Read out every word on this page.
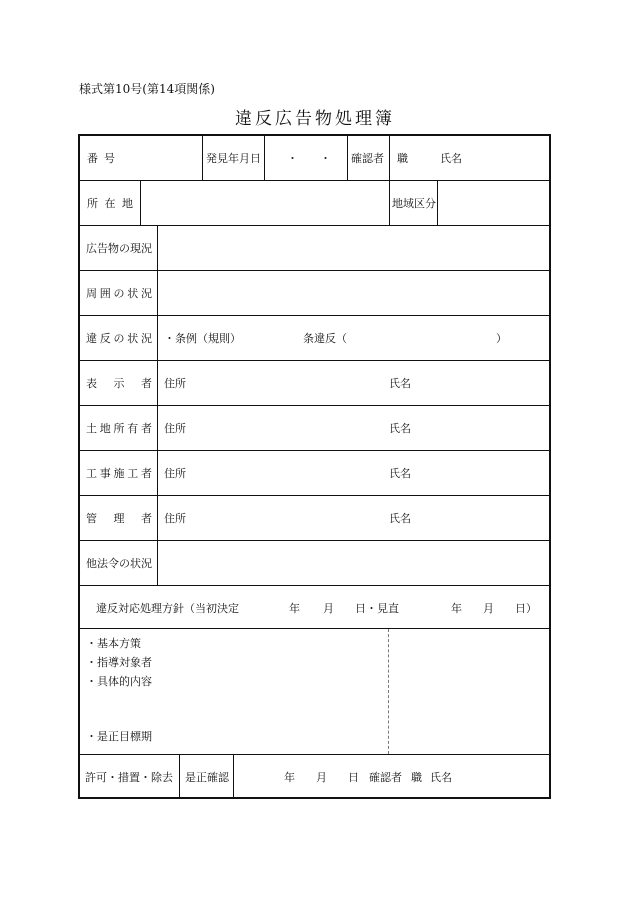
様式第10号(第14項関係)
違反広告物処理簿
番号	発見年月日 ・　　・ 確認者 職	氏名
所 在 地	地域区分
広告物の現況
周 囲 の 状 況
違 反 の 状 況 ・条例（規則）	条違反（	）
表 示 者 住所	氏名
土 地 所 有 者 住所	氏名
工 事 施 工 者 住所	氏名
管 理 者 住所	氏名
他法令の状況
違反対応処理方針（当初決定	年 月 日・見直	年 月 日）
・基本方策
・指導対象者
・具体的内容
・是正目標期
許可・措置・除去 是正確認	年 月 日 確認者 職 氏名
